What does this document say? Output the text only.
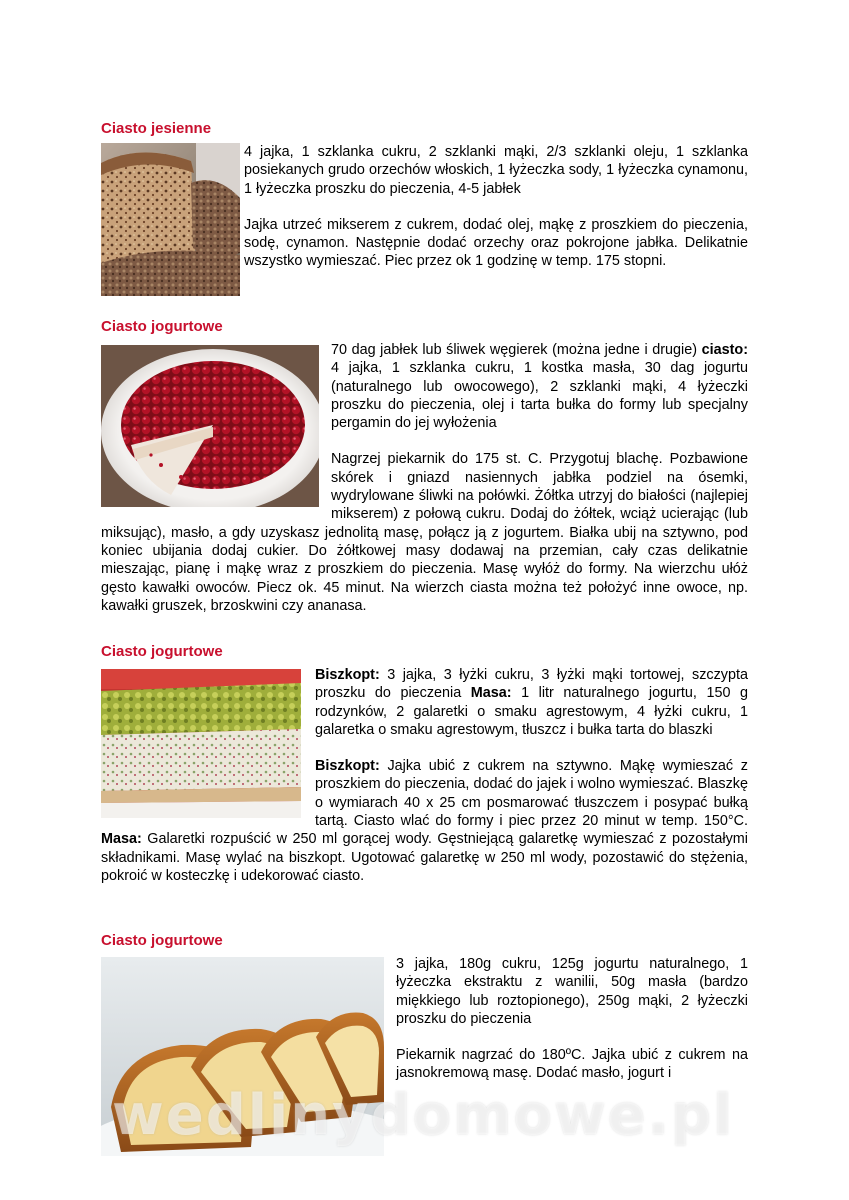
Ciasto jesienne

4 jajka, 1 szklanka cukru, 2 szklanki mąki, 2/3 szklanki oleju, 1 szklanka posiekanych grudo orzechów włoskich, 1 łyżeczka sody, 1 łyżeczka cynamonu, 1 łyżeczka proszku do pieczenia, 4-5 jabłek

Jajka utrzeć mikserem z cukrem, dodać olej, mąkę z proszkiem do pieczenia, sodę, cynamon. Następnie dodać orzechy oraz pokrojone jabłka. Delikatnie wszystko wymieszać. Piec przez ok 1 godzinę w temp. 175 stopni.

Ciasto jogurtowe

70 dag jabłek lub śliwek węgierek (można jedne i drugie) ciasto: 4 jajka, 1 szklanka cukru, 1 kostka masła, 30 dag jogurtu (naturalnego lub owocowego), 2 szklanki mąki, 4 łyżeczki proszku do pieczenia, olej i tarta bułka do formy lub specjalny pergamin do jej wyłożenia

Nagrzej piekarnik do 175 st. C. Przygotuj blachę. Pozbawione skórek i gniazd nasiennych jabłka podziel na ósemki, wydrylowane śliwki na połówki. Żółtka utrzyj do białości (najlepiej mikserem) z połową cukru. Dodaj do żółtek, wciąż ucierając (lub miksując), masło, a gdy uzyskasz jednolitą masę, połącz ją z jogurtem. Białka ubij na sztywno, pod koniec ubijania dodaj cukier. Do żółtkowej masy dodawaj na przemian, cały czas delikatnie mieszając, pianę i mąkę wraz z proszkiem do pieczenia. Masę wyłóż do formy. Na wierzchu ułóż gęsto kawałki owoców. Piecz ok. 45 minut. Na wierzch ciasta można też położyć inne owoce, np. kawałki gruszek, brzoskwini czy ananasa.

Ciasto jogurtowe

Biszkopt: 3 jajka, 3 łyżki cukru, 3 łyżki mąki tortowej, szczypta proszku do pieczenia Masa: 1 litr naturalnego jogurtu, 150 g rodzynków, 2 galaretki o smaku agrestowym, 4 łyżki cukru, 1 galaretka o smaku agrestowym, tłuszcz i bułka tarta do blaszki

Biszkopt: Jajka ubić z cukrem na sztywno. Mąkę wymieszać z proszkiem do pieczenia, dodać do jajek i wolno wymieszać. Blaszkę o wymiarach 40 x 25 cm posmarować tłuszczem i posypać bułką tartą. Ciasto wlać do formy i piec przez 20 minut w temp. 150°C. Masa: Galaretki rozpuścić w 250 ml gorącej wody. Gęstniejącą galaretkę wymieszać z pozostałymi składnikami. Masę wylać na biszkopt. Ugotować galaretkę w 250 ml wody, pozostawić do stężenia, pokroić w kosteczkę i udekorować ciasto.

Ciasto jogurtowe

3 jajka, 180g cukru, 125g jogurtu naturalnego, 1 łyżeczka ekstraktu z wanilii, 50g masła (bardzo miękkiego lub roztopionego), 250g mąki, 2 łyżeczki proszku do pieczenia

Piekarnik nagrzać do 180ºC. Jajka ubić z cukrem na jasnokremową masę. Dodać masło, jogurt i

wedlinydomowe.pl
